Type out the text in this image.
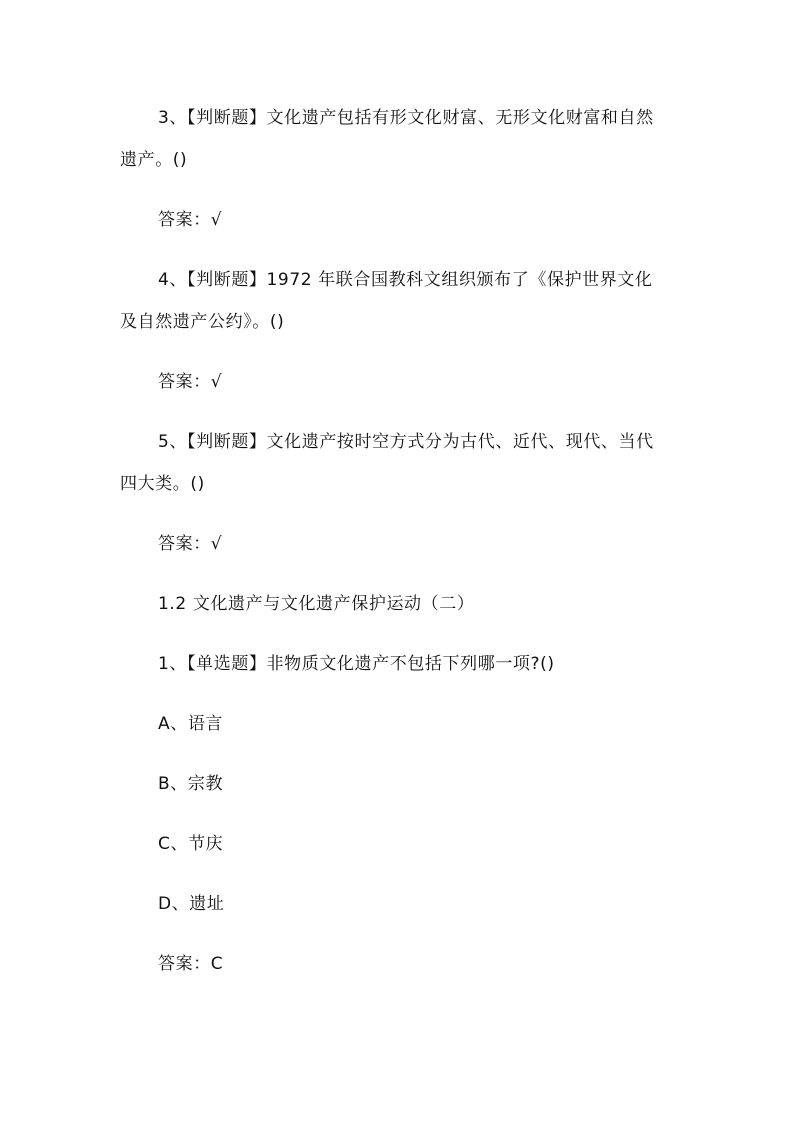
3、【判断题】文化遗产包括有形文化财富、无形文化财富和自然
遗产。()
答案：√
4、【判断题】1972 年联合国教科文组织颁布了《保护世界文化
及自然遗产公约》。()
答案：√
5、【判断题】文化遗产按时空方式分为古代、近代、现代、当代
四大类。()
答案：√
1.2 文化遗产与文化遗产保护运动（二）
1、【单选题】非物质文化遗产不包括下列哪一项?()
A、语言
B、宗教
C、节庆
D、遗址
答案：C
